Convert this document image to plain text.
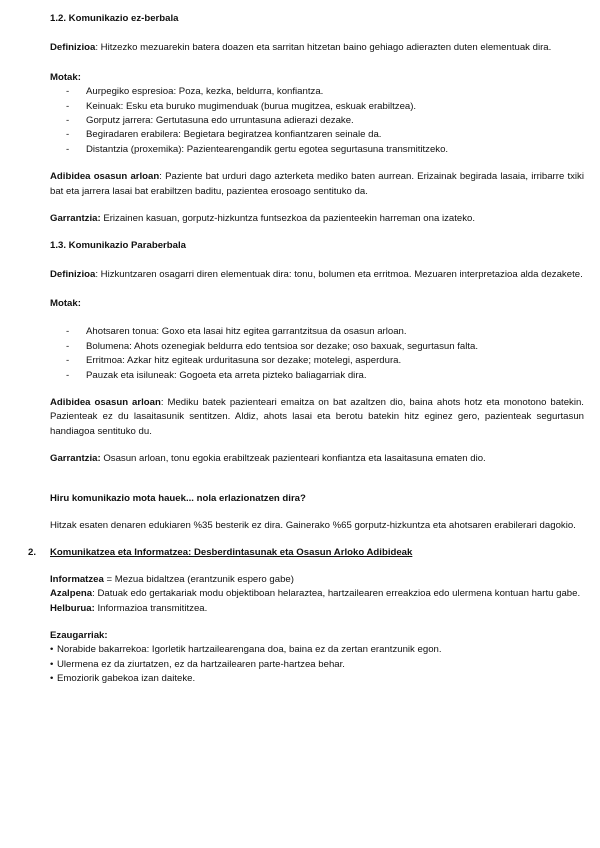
1.2. Komunikazio ez-berbala

Definizioa: Hitzezko mezuarekin batera doazen eta sarritan hitzetan baino gehiago adierazten duten elementuak dira.

Motak:

- Aurpegiko espresioa: Poza, kezka, beldurra, konfiantza.
- Keinuak: Esku eta buruko mugimenduak (burua mugitzea, eskuak erabiltzea).
- Gorputz jarrera: Gertutasuna edo urruntasuna adierazi dezake.
- Begiradaren erabilera: Begietara begiratzea konfiantzaren seinale da.
- Distantzia (proxemika): Pazientearengandik gertu egotea segurtasuna transmititzeko.

Adibidea osasun arloan: Paziente bat urduri dago azterketa mediko baten aurrean. Erizainak begirada lasaia, irribarre txiki bat eta jarrera lasai bat erabiltzen baditu, pazientea erosoago sentituko da.

Garrantzia: Erizainen kasuan, gorputz-hizkuntza funtsezkoa da pazienteekin harreman ona izateko.

1.3. Komunikazio Paraberbala

Definizioa: Hizkuntzaren osagarri diren elementuak dira: tonu, bolumen eta erritmoa. Mezuaren interpretazioa alda dezakete.

Motak:

- Ahotsaren tonua: Goxo eta lasai hitz egitea garrantzitsua da osasun arloan.
- Bolumena: Ahots ozenegiak beldurra edo tentsioa sor dezake; oso baxuak, segurtasun falta.
- Erritmoa: Azkar hitz egiteak urduritasuna sor dezake; motelegi, asperdura.
- Pauzak eta isiluneak: Gogoeta eta arreta pizteko baliagarriak dira.

Adibidea osasun arloan: Mediku batek pazienteari emaitza on bat azaltzen dio, baina ahots hotz eta monotono batekin. Pazienteak ez du lasaitasunik sentitzen. Aldiz, ahots lasai eta berotu batekin hitz eginez gero, pazienteak segurtasun handiagoa sentituko du.

Garrantzia: Osasun arloan, tonu egokia erabiltzeak pazienteari konfiantza eta lasaitasuna ematen dio.

Hiru komunikazio mota hauek... nola erlazionatzen dira?

Hitzak esaten denaren edukiaren %35 besterik ez dira. Gainerako %65 gorputz-hizkuntza eta ahotsaren erabilerari dagokio.

2. Komunikatzea eta Informatzea: Desberdintasunak eta Osasun Arloko Adibideak

Informatzea = Mezua bidaltzea (erantzunik espero gabe)

Azalpena: Datuak edo gertakariak modu objektiboan helaraztea, hartzailearen erreakzioa edo ulermena kontuan hartu gabe.

Helburua: Informazioa transmititzea.

Ezaugarriak:

• Norabide bakarrekoa: Igorletik hartzailearengana doa, baina ez da zertan erantzunik egon.
• Ulermena ez da ziurtatzen, ez da hartzailearen parte-hartzea behar.
• Emoziorik gabekoa izan daiteke.
